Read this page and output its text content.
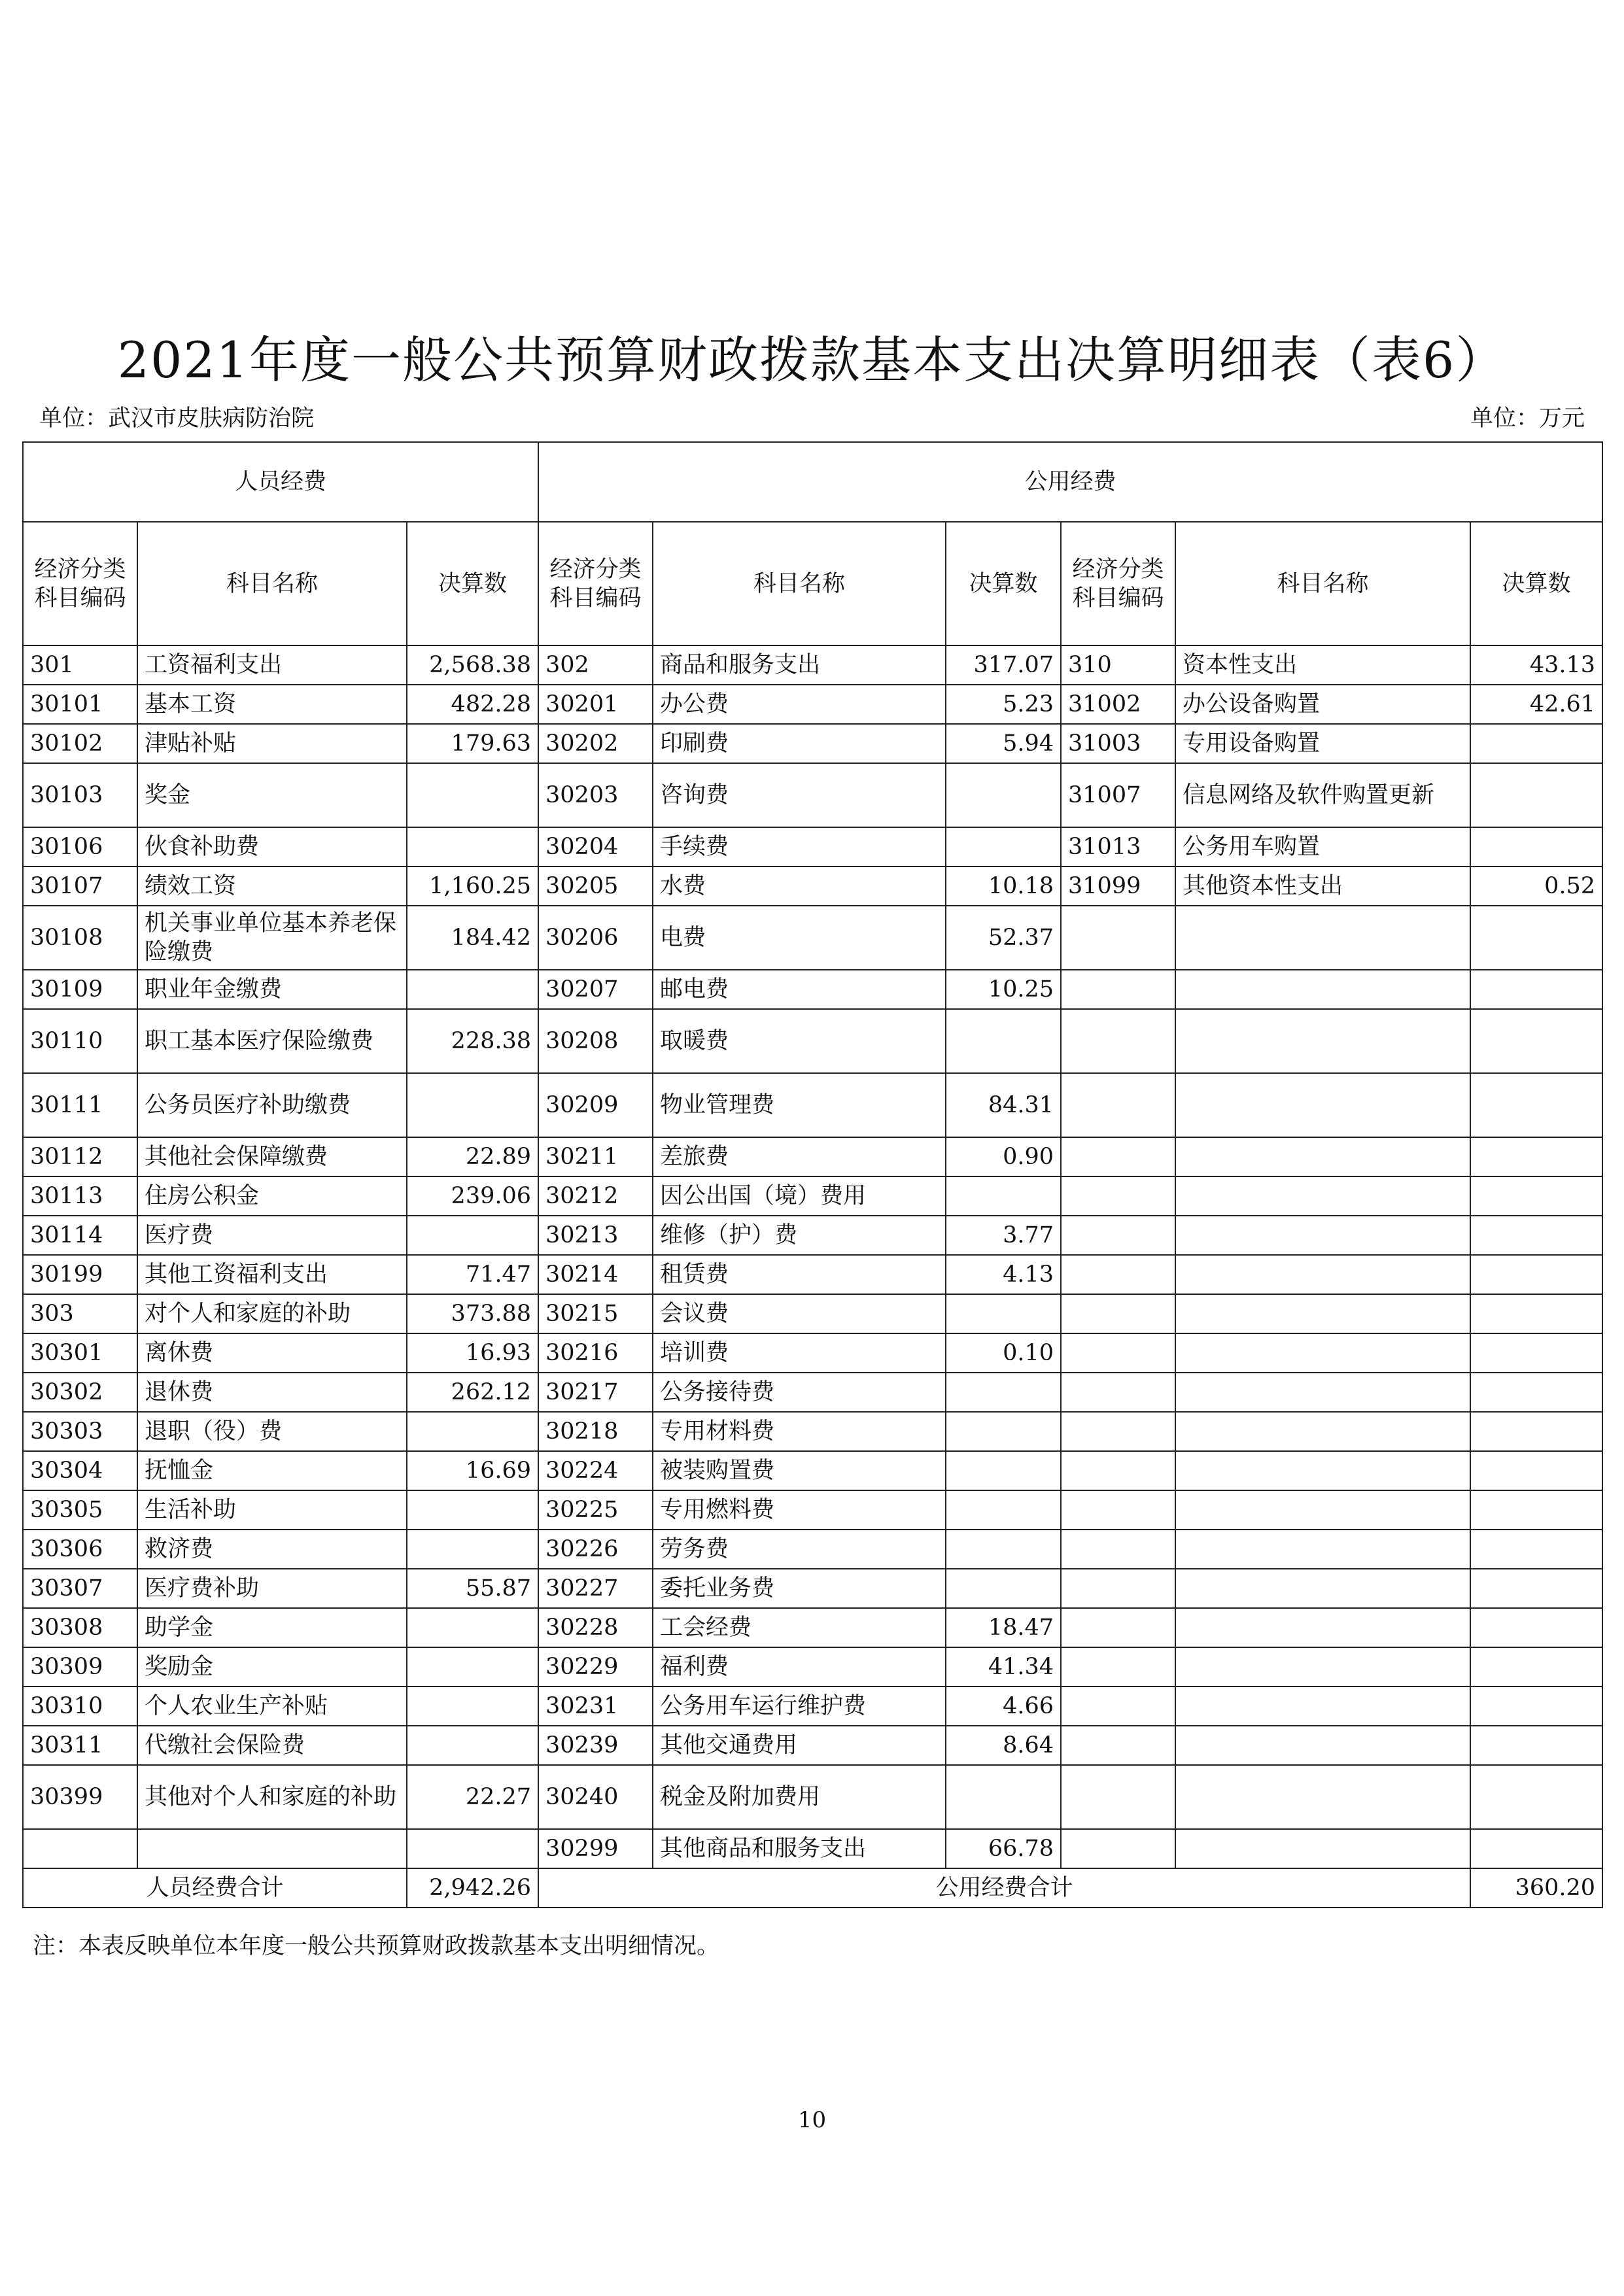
2021年度一般公共预算财政拨款基本支出决算明细表（表6）
单位：武汉市皮肤病防治院	单位：万元
人员经费			公用经费					
经济分类科目编码	科目名称	决算数	经济分类科目编码	科目名称	决算数	经济分类科目编码	科目名称	决算数
301	工资福利支出	2,568.38	302	商品和服务支出	317.07	310	资本性支出	43.13
30101	基本工资	482.28	30201	办公费	5.23	31002	办公设备购置	42.61
30102	津贴补贴	179.63	30202	印刷费	5.94	31003	专用设备购置	
30103	奖金		30203	咨询费		31007	信息网络及软件购置更新	
30106	伙食补助费		30204	手续费		31013	公务用车购置	
30107	绩效工资	1,160.25	30205	水费	10.18	31099	其他资本性支出	0.52
30108	机关事业单位基本养老保险缴费	184.42	30206	电费	52.37			
30109	职业年金缴费		30207	邮电费	10.25			
30110	职工基本医疗保险缴费	228.38	30208	取暖费				
30111	公务员医疗补助缴费		30209	物业管理费	84.31			
30112	其他社会保障缴费	22.89	30211	差旅费	0.90			
30113	住房公积金	239.06	30212	因公出国（境）费用				
30114	医疗费		30213	维修（护）费	3.77			
30199	其他工资福利支出	71.47	30214	租赁费	4.13			
303	对个人和家庭的补助	373.88	30215	会议费				
30301	离休费	16.93	30216	培训费	0.10			
30302	退休费	262.12	30217	公务接待费				
30303	退职（役）费		30218	专用材料费				
30304	抚恤金	16.69	30224	被装购置费				
30305	生活补助		30225	专用燃料费				
30306	救济费		30226	劳务费				
30307	医疗费补助	55.87	30227	委托业务费				
30308	助学金		30228	工会经费	18.47			
30309	奖励金		30229	福利费	41.34			
30310	个人农业生产补贴		30231	公务用车运行维护费	4.66			
30311	代缴社会保险费		30239	其他交通费用	8.64			
30399	其他对个人和家庭的补助	22.27	30240	税金及附加费用				
			30299	其他商品和服务支出	66.78			
人员经费合计		2,942.26	公用经费合计					360.20
注：本表反映单位本年度一般公共预算财政拨款基本支出明细情况。
10
